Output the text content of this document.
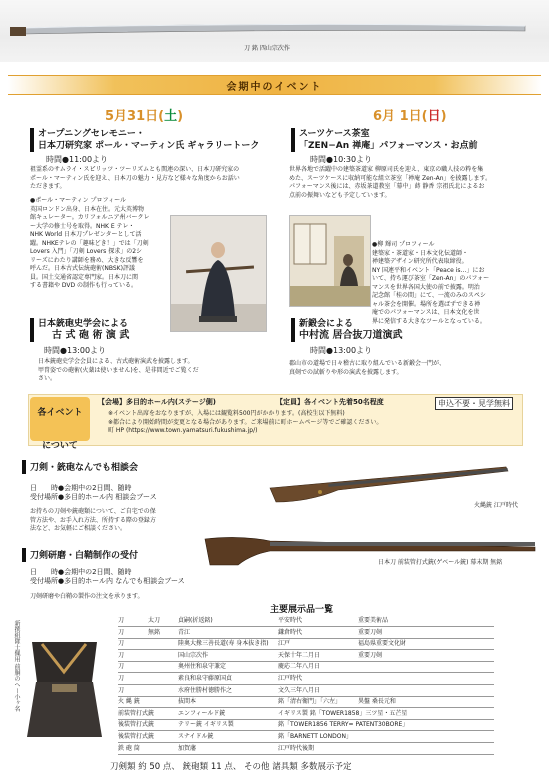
刀 銘 四山宗次作
会期中のイベント
5月31日(土)	6月 1日(日)
オープニングセレモニー・
日本刀研究家 ポール・マーティン氏 ギャラリートーク
時間●11:00より
祖霊系のサムライ・スピリッツ・ツーリズムとも関連の深い、日本刀研究家の
ポール・マーティン氏を迎え、日本刀の魅力・見方など様々な角度からお話い
ただきます。
●ポール・マーティン プロフィール
英国ロンドン出身、日本在住。元大英博物
館キュレーター。カリフォルニア州バークレ
ー大学の修士号を取得。NHK E テレ・
NHK World 日本刀プレゼンターとして活
躍。NHKEテレの「趣味どき！」では「刀剣
Lovers 入門」「刀剣 Lovers 探求」の2シ
リーズにわたり講師を務め、大きな反響を
呼んだ。日本古式伝統砲術(NBSK)評議
員。国土交通省認定専門家。日本刀に関
する書籍や DVD の制作も行っている。
日本銃砲史学会による
古 式 砲 術 演 武
時間●13:00より
日本銃砲史学会会員による、古式砲術演武を披露します。
甲冑姿での砲術(火薬は使いません)を、是非間近でご覧くだ
さい。
スーツケース茶室
「ZEN−An 禅庵」パフォーマンス・お点前
時間●10:30より
世界各地で活躍中の建築茶道家 柳原司氏を迎え、東京の職人技の粋を集
めた、スーツケースに収納可能な組立茶室「禅庵 Zen-An」を披露します。
パフォーマンス後には、赤坂茶道教室「幕中」蒔 静香 宗祖氏北によるお
点前の振舞いなども予定しています。
●柳 輝司 プロフィール
建築家・茶道家・日本文化伝道師・
禅建築デザイン研究所代表取締役。
NY 国連平和イベント「Peace is…」にお
いて、持ち運び茶室「Zen-An」のパフォー
マンスを世界各国大使の前で披露。明治
記念館「桂の間」にて、一流のみのスペシ
ャル茶会を開催。場所を選ばずできる禅
庵でのパフォーマンスは、日本文化を世
界に発信する大きなツールとなっている。
新鍛会による
中村流 居合抜刀道演武
時間●13:00より
郡山市の道場で日々稽古に取り組んでいる新鍛会一門が、
真剣での試斬りや形の演武を披露します。
各イベント

について
【会場】多目的ホール内(ステージ側)	【定員】各イベント先着50名程度	申込不要・見学無料
※イベント出席をおなりますが、入場には観覧料500円がかかります。(高校生以下無料)
※都合により開始時間が変更となる場合があります。ご来場前に町ホームページ等でご確認ください。
町 HP (https://www.town.yamatsuri.fukushima.jp/)
刀剣・銃砲なんでも相談会
日　　時●会期中の2日間、随時
受付場所●多目的ホール内 相談会ブース
お持ちの刀剣や銃砲類について、ご自宅での保
管方法や、お手入れ方法、所持する際の登録方
法など、お気軽にご相談ください。
火縄銃 江戸時代
日本刀 前装管打式銃(ゲベール銃) 幕末期 無銘
刀剣研磨・白鞘制作の受付
日　　時●会期中の2日間、随時
受付場所●多目的ホール内 なんでも相談会ブース
刀剣研磨や白鞘の製作の注文を承ります。
新撰組隊士佩用 前胴のへー小ヶ名
主要展示品一覧
刀	太刀	貞嗣(折返銘)	平安時代	重要美術品
刀	無銘	青江	鎌倉時代	重要刀剣
刀	陸奥大掾三善長道(寿 身本抜き指) 江戸	福島県重要文化財
刀	国山宗次作	天保十年二月日	重要刀剣
刀	奥州住和泉守兼定	慶応二年八月日
刀	素良和泉守藤原国貞	江戸時代
刀	水府住勝村徳勝作之	文久三年八月日
火 縄 銃	抜間本	銘「清右衛門」「六左」	異盤 桑長元和
前装管打式銃	エンフィールド銃	イギリス製 銘「TOWER1858」三ツ星・五芒星
後装管打式銃	テリー銃 イギリス製	銘「TOWER1856 TERRY= PATENT30BORE」
後装管打式銃	スナイドル銃	銘「BARNETT LONDON」
鉄 砲 筒	加賀藩	江戸時代後期
刀剣類 約 50 点、 銃砲類 11 点、 その他 諸具類 多数展示予定
